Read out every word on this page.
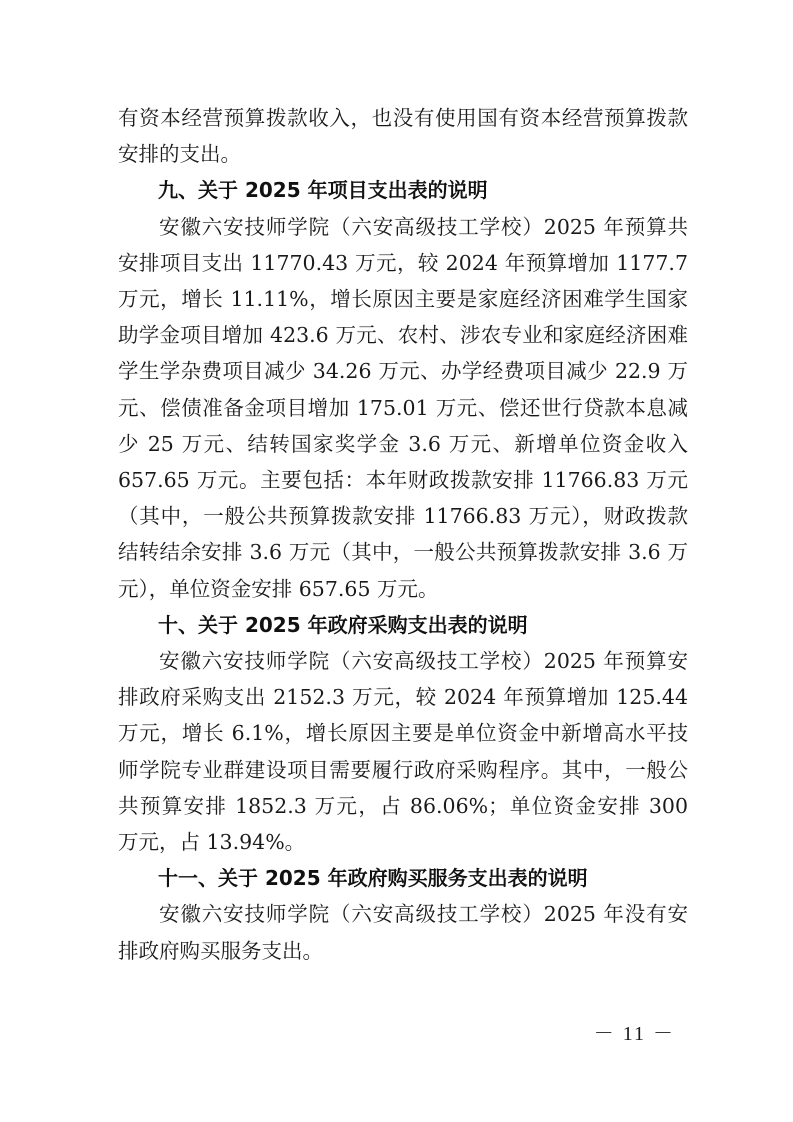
有资本经营预算拨款收入，也没有使用国有资本经营预算拨款安排的支出。

九、关于 2025 年项目支出表的说明

安徽六安技师学院（六安高级技工学校）2025 年预算共安排项目支出 11770.43 万元，较 2024 年预算增加 1177.7 万元，增长 11.11%，增长原因主要是家庭经济困难学生国家助学金项目增加 423.6 万元、农村、涉农专业和家庭经济困难学生学杂费项目减少 34.26 万元、办学经费项目减少 22.9 万元、偿债准备金项目增加 175.01 万元、偿还世行贷款本息减少 25 万元、结转国家奖学金 3.6 万元、新增单位资金收入 657.65 万元。主要包括：本年财政拨款安排 11766.83 万元（其中，一般公共预算拨款安排 11766.83 万元），财政拨款结转结余安排 3.6 万元（其中，一般公共预算拨款安排 3.6 万元），单位资金安排 657.65 万元。

十、关于 2025 年政府采购支出表的说明

安徽六安技师学院（六安高级技工学校）2025 年预算安排政府采购支出 2152.3 万元，较 2024 年预算增加 125.44 万元，增长 6.1%，增长原因主要是单位资金中新增高水平技师学院专业群建设项目需要履行政府采购程序。其中，一般公共预算安排 1852.3 万元，占 86.06%；单位资金安排 300 万元，占 13.94%。

十一、关于 2025 年政府购买服务支出表的说明

安徽六安技师学院（六安高级技工学校）2025 年没有安排政府购买服务支出。

－ 11 －
